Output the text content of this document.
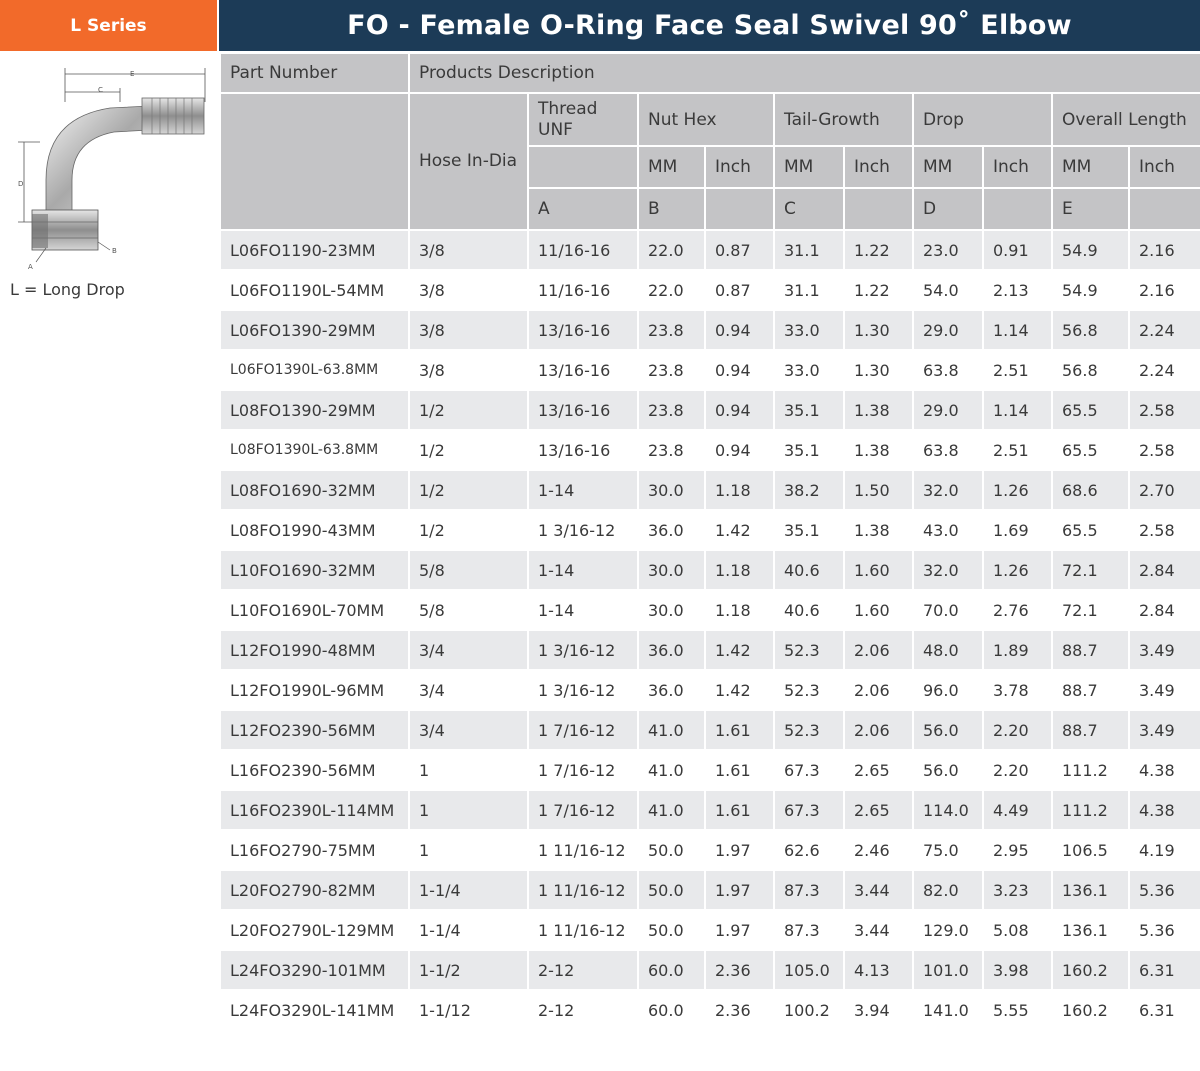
L Series	FO - Female O-Ring Face Seal Swivel 90˚ Elbow
E
C
D
A
B
L = Long Drop
Part Number	Products Description									
	Hose In-Dia	Thread UNF	Nut Hex		Tail-Growth		Drop		Overall Length	
			MM	Inch	MM	Inch	MM	Inch	MM	Inch
		A	B		C		D		E	
L06FO1190-23MM	3/8	11/16-16	22.0	0.87	31.1	1.22	23.0	0.91	54.9	2.16
L06FO1190L-54MM	3/8	11/16-16	22.0	0.87	31.1	1.22	54.0	2.13	54.9	2.16
L06FO1390-29MM	3/8	13/16-16	23.8	0.94	33.0	1.30	29.0	1.14	56.8	2.24
L06FO1390L-63.8MM	3/8	13/16-16	23.8	0.94	33.0	1.30	63.8	2.51	56.8	2.24
L08FO1390-29MM	1/2	13/16-16	23.8	0.94	35.1	1.38	29.0	1.14	65.5	2.58
L08FO1390L-63.8MM	1/2	13/16-16	23.8	0.94	35.1	1.38	63.8	2.51	65.5	2.58
L08FO1690-32MM	1/2	1-14	30.0	1.18	38.2	1.50	32.0	1.26	68.6	2.70
L08FO1990-43MM	1/2	1 3/16-12	36.0	1.42	35.1	1.38	43.0	1.69	65.5	2.58
L10FO1690-32MM	5/8	1-14	30.0	1.18	40.6	1.60	32.0	1.26	72.1	2.84
L10FO1690L-70MM	5/8	1-14	30.0	1.18	40.6	1.60	70.0	2.76	72.1	2.84
L12FO1990-48MM	3/4	1 3/16-12	36.0	1.42	52.3	2.06	48.0	1.89	88.7	3.49
L12FO1990L-96MM	3/4	1 3/16-12	36.0	1.42	52.3	2.06	96.0	3.78	88.7	3.49
L12FO2390-56MM	3/4	1 7/16-12	41.0	1.61	52.3	2.06	56.0	2.20	88.7	3.49
L16FO2390-56MM	1	1 7/16-12	41.0	1.61	67.3	2.65	56.0	2.20	111.2	4.38
L16FO2390L-114MM	1	1 7/16-12	41.0	1.61	67.3	2.65	114.0	4.49	111.2	4.38
L16FO2790-75MM	1	1 11/16-12	50.0	1.97	62.6	2.46	75.0	2.95	106.5	4.19
L20FO2790-82MM	1-1/4	1 11/16-12	50.0	1.97	87.3	3.44	82.0	3.23	136.1	5.36
L20FO2790L-129MM	1-1/4	1 11/16-12	50.0	1.97	87.3	3.44	129.0	5.08	136.1	5.36
L24FO3290-101MM	1-1/2	2-12	60.0	2.36	105.0	4.13	101.0	3.98	160.2	6.31
L24FO3290L-141MM	1-1/12	2-12	60.0	2.36	100.2	3.94	141.0	5.55	160.2	6.31
